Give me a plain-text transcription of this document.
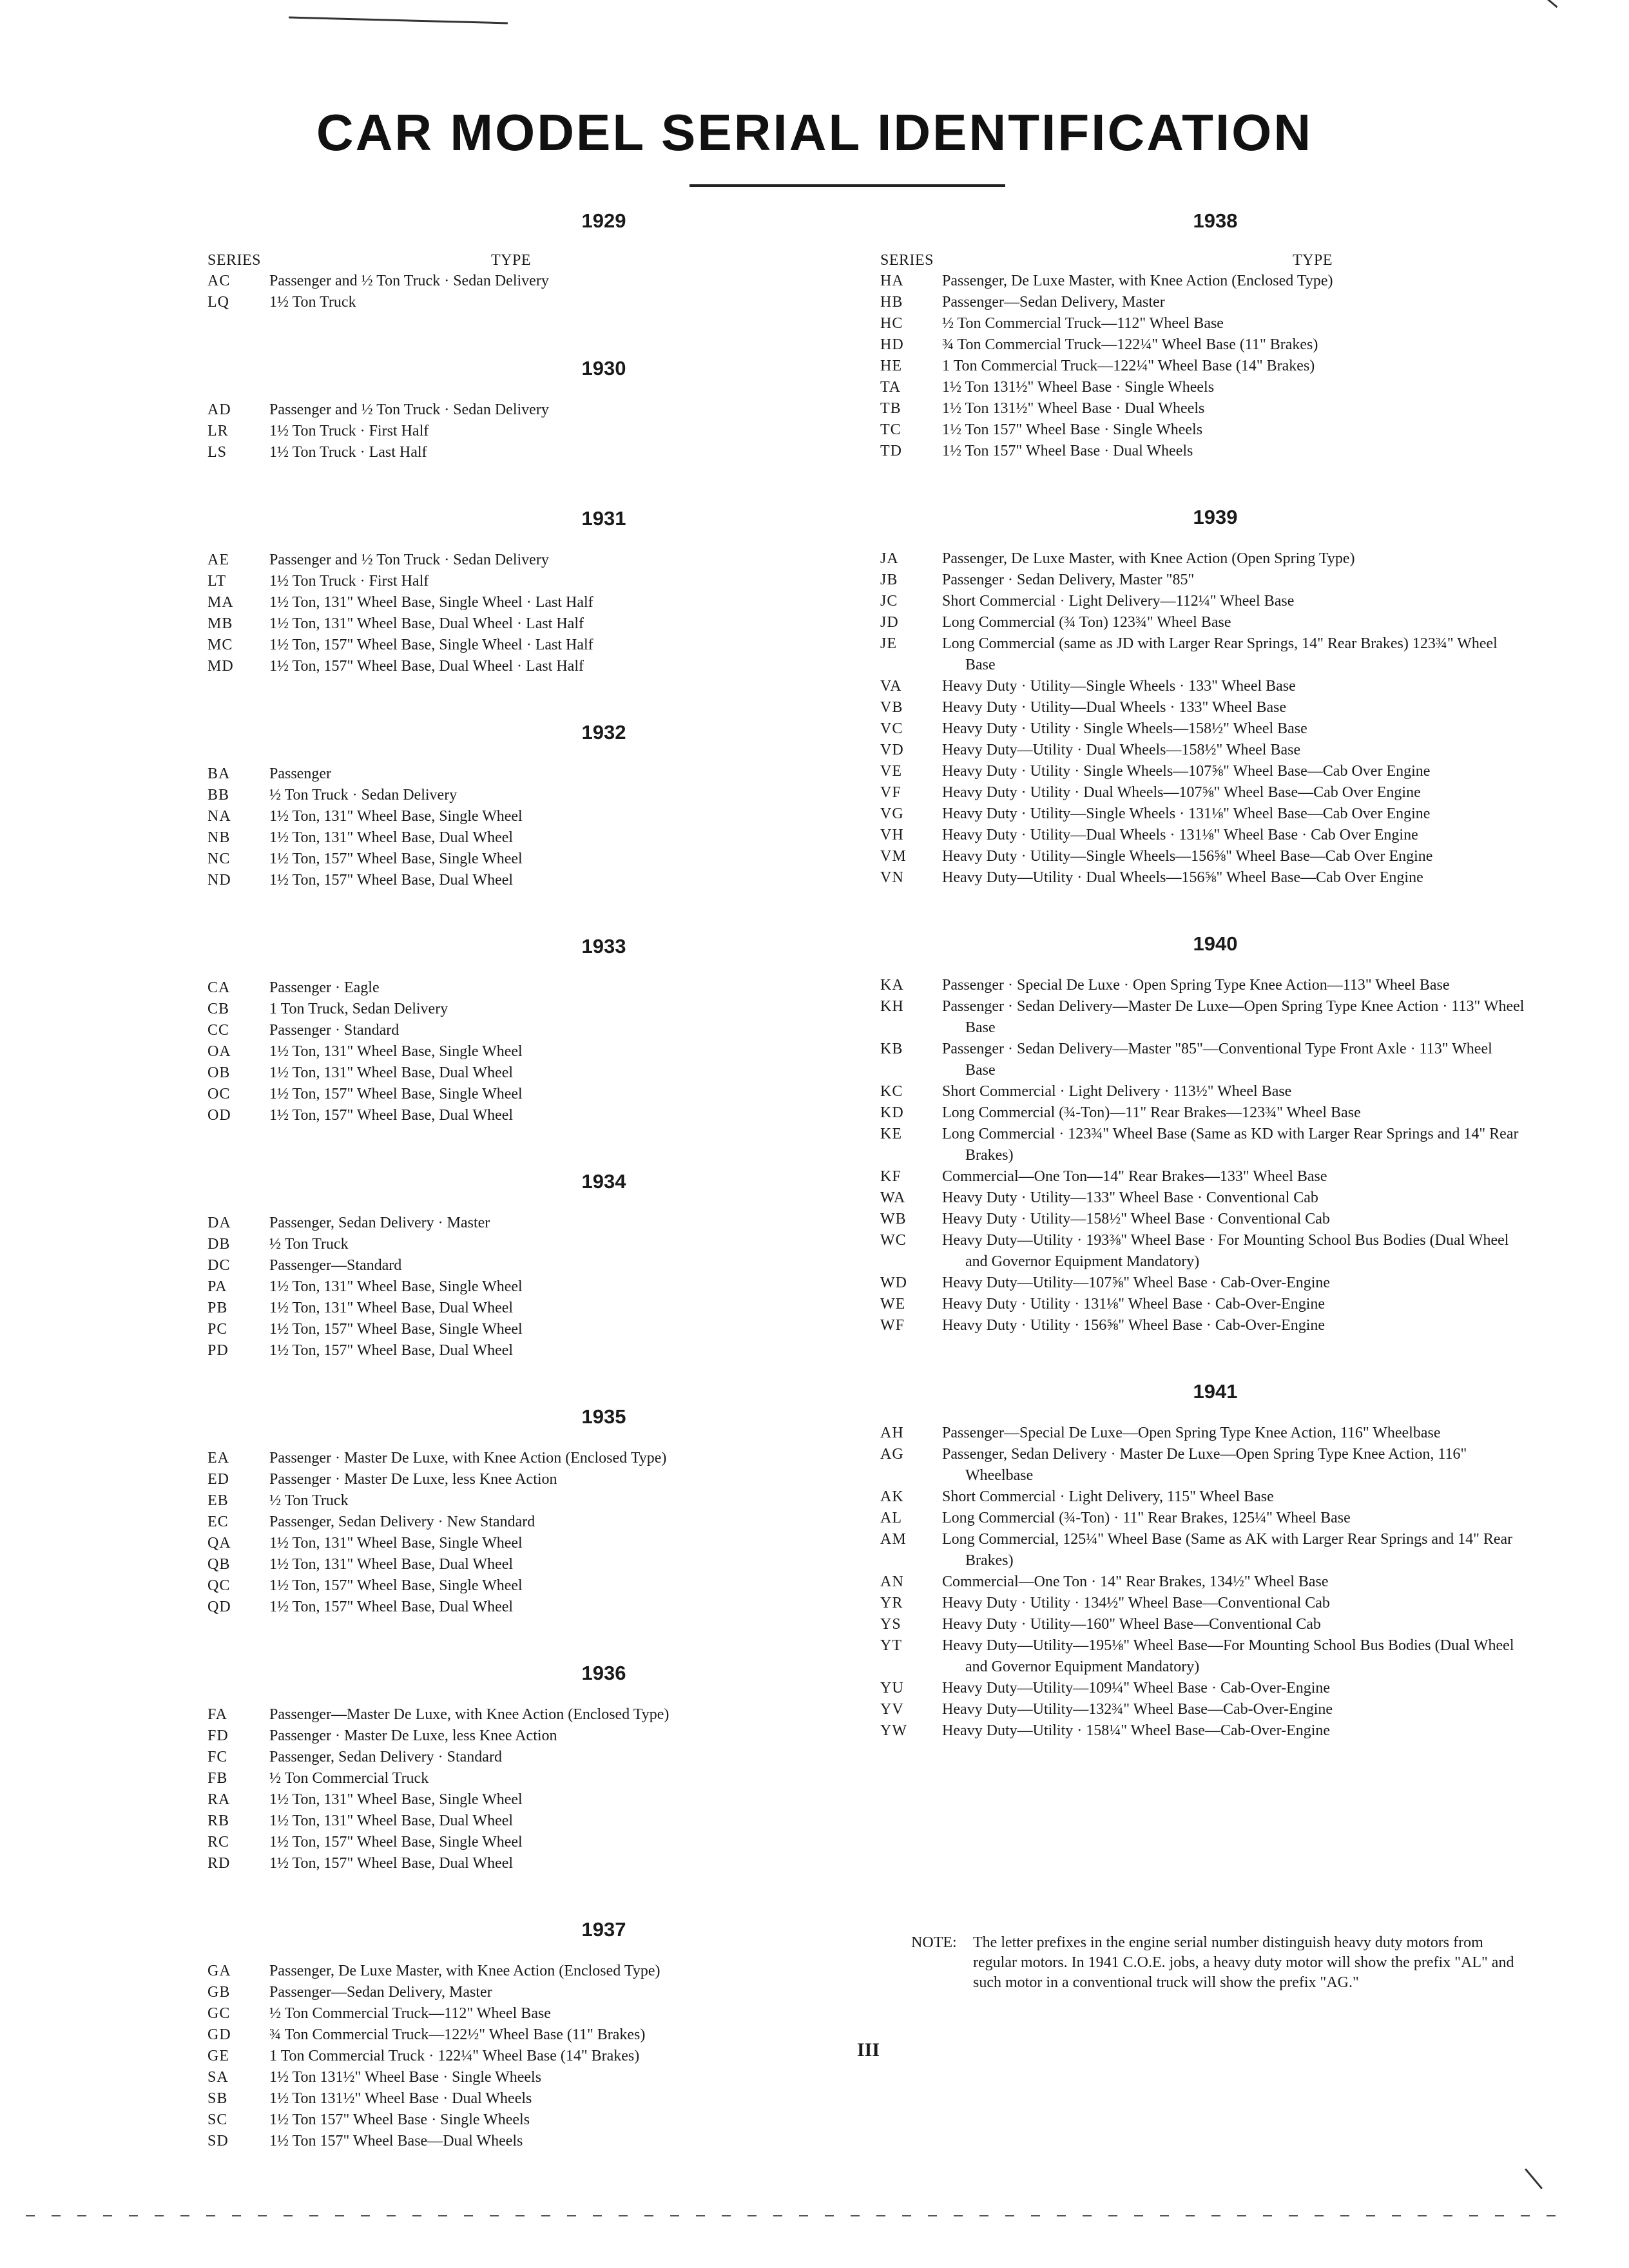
CAR MODEL SERIAL IDENTIFICATION
1929
SERIES	TYPE
AC	Passenger and ½ Ton Truck · Sedan Delivery
LQ	1½ Ton Truck
1930
AD	Passenger and ½ Ton Truck · Sedan Delivery
LR	1½ Ton Truck · First Half
LS	1½ Ton Truck · Last Half
1931
AE	Passenger and ½ Ton Truck · Sedan Delivery
LT	1½ Ton Truck · First Half
MA	1½ Ton, 131" Wheel Base, Single Wheel · Last Half
MB	1½ Ton, 131" Wheel Base, Dual Wheel · Last Half
MC	1½ Ton, 157" Wheel Base, Single Wheel · Last Half
MD	1½ Ton, 157" Wheel Base, Dual Wheel · Last Half
1932
BA	Passenger
BB	½ Ton Truck · Sedan Delivery
NA	1½ Ton, 131" Wheel Base, Single Wheel
NB	1½ Ton, 131" Wheel Base, Dual Wheel
NC	1½ Ton, 157" Wheel Base, Single Wheel
ND	1½ Ton, 157" Wheel Base, Dual Wheel
1933
CA	Passenger · Eagle
CB	1 Ton Truck, Sedan Delivery
CC	Passenger · Standard
OA	1½ Ton, 131" Wheel Base, Single Wheel
OB	1½ Ton, 131" Wheel Base, Dual Wheel
OC	1½ Ton, 157" Wheel Base, Single Wheel
OD	1½ Ton, 157" Wheel Base, Dual Wheel
1934
DA	Passenger, Sedan Delivery · Master
DB	½ Ton Truck
DC	Passenger—Standard
PA	1½ Ton, 131" Wheel Base, Single Wheel
PB	1½ Ton, 131" Wheel Base, Dual Wheel
PC	1½ Ton, 157" Wheel Base, Single Wheel
PD	1½ Ton, 157" Wheel Base, Dual Wheel
1935
EA	Passenger · Master De Luxe, with Knee Action (Enclosed Type)
ED	Passenger · Master De Luxe, less Knee Action
EB	½ Ton Truck
EC	Passenger, Sedan Delivery · New Standard
QA	1½ Ton, 131" Wheel Base, Single Wheel
QB	1½ Ton, 131" Wheel Base, Dual Wheel
QC	1½ Ton, 157" Wheel Base, Single Wheel
QD	1½ Ton, 157" Wheel Base, Dual Wheel
1936
FA	Passenger—Master De Luxe, with Knee Action (Enclosed Type)
FD	Passenger · Master De Luxe, less Knee Action
FC	Passenger, Sedan Delivery · Standard
FB	½ Ton Commercial Truck
RA	1½ Ton, 131" Wheel Base, Single Wheel
RB	1½ Ton, 131" Wheel Base, Dual Wheel
RC	1½ Ton, 157" Wheel Base, Single Wheel
RD	1½ Ton, 157" Wheel Base, Dual Wheel
1937
GA	Passenger, De Luxe Master, with Knee Action (Enclosed Type)
GB	Passenger—Sedan Delivery, Master
GC	½ Ton Commercial Truck—112" Wheel Base
GD	¾ Ton Commercial Truck—122½" Wheel Base (11" Brakes)
GE	1 Ton Commercial Truck · 122¼" Wheel Base (14" Brakes)
SA	1½ Ton 131½" Wheel Base · Single Wheels
SB	1½ Ton 131½" Wheel Base · Dual Wheels
SC	1½ Ton 157" Wheel Base · Single Wheels
SD	1½ Ton 157" Wheel Base—Dual Wheels
1938
SERIES	TYPE
HA	Passenger, De Luxe Master, with Knee Action (Enclosed Type)
HB	Passenger—Sedan Delivery, Master
HC	½ Ton Commercial Truck—112" Wheel Base
HD	¾ Ton Commercial Truck—122¼" Wheel Base (11" Brakes)
HE	1 Ton Commercial Truck—122¼" Wheel Base (14" Brakes)
TA	1½ Ton 131½" Wheel Base · Single Wheels
TB	1½ Ton 131½" Wheel Base · Dual Wheels
TC	1½ Ton 157" Wheel Base · Single Wheels
TD	1½ Ton 157" Wheel Base · Dual Wheels
1939
JA	Passenger, De Luxe Master, with Knee Action (Open Spring Type)
JB	Passenger · Sedan Delivery, Master "85"
JC	Short Commercial · Light Delivery—112¼" Wheel Base
JD	Long Commercial (¾ Ton) 123¾" Wheel Base
JE	Long Commercial (same as JD with Larger Rear Springs, 14" Rear Brakes) 123¾" Wheel Base
VA	Heavy Duty · Utility—Single Wheels · 133" Wheel Base
VB	Heavy Duty · Utility—Dual Wheels · 133" Wheel Base
VC	Heavy Duty · Utility · Single Wheels—158½" Wheel Base
VD	Heavy Duty—Utility · Dual Wheels—158½" Wheel Base
VE	Heavy Duty · Utility · Single Wheels—107⅝" Wheel Base—Cab Over Engine
VF	Heavy Duty · Utility · Dual Wheels—107⅝" Wheel Base—Cab Over Engine
VG	Heavy Duty · Utility—Single Wheels · 131⅛" Wheel Base—Cab Over Engine
VH	Heavy Duty · Utility—Dual Wheels · 131⅛" Wheel Base · Cab Over Engine
VM	Heavy Duty · Utility—Single Wheels—156⅝" Wheel Base—Cab Over Engine
VN	Heavy Duty—Utility · Dual Wheels—156⅝" Wheel Base—Cab Over Engine
1940
KA	Passenger · Special De Luxe · Open Spring Type Knee Action—113" Wheel Base
KH	Passenger · Sedan Delivery—Master De Luxe—Open Spring Type Knee Action · 113" Wheel Base
KB	Passenger · Sedan Delivery—Master "85"—Conventional Type Front Axle · 113" Wheel Base
KC	Short Commercial · Light Delivery · 113½" Wheel Base
KD	Long Commercial (¾-Ton)—11" Rear Brakes—123¾" Wheel Base
KE	Long Commercial · 123¾" Wheel Base (Same as KD with Larger Rear Springs and 14" Rear Brakes)
KF	Commercial—One Ton—14" Rear Brakes—133" Wheel Base
WA	Heavy Duty · Utility—133" Wheel Base · Conventional Cab
WB	Heavy Duty · Utility—158½" Wheel Base · Conventional Cab
WC	Heavy Duty—Utility · 193⅜" Wheel Base · For Mounting School Bus Bodies (Dual Wheel and Governor Equipment Mandatory)
WD	Heavy Duty—Utility—107⅝" Wheel Base · Cab-Over-Engine
WE	Heavy Duty · Utility · 131⅛" Wheel Base · Cab-Over-Engine
WF	Heavy Duty · Utility · 156⅝" Wheel Base · Cab-Over-Engine
1941
AH	Passenger—Special De Luxe—Open Spring Type Knee Action, 116" Wheelbase
AG	Passenger, Sedan Delivery · Master De Luxe—Open Spring Type Knee Action, 116" Wheelbase
AK	Short Commercial · Light Delivery, 115" Wheel Base
AL	Long Commercial (¾-Ton) · 11" Rear Brakes, 125¼" Wheel Base
AM	Long Commercial, 125¼" Wheel Base (Same as AK with Larger Rear Springs and 14" Rear Brakes)
AN	Commercial—One Ton · 14" Rear Brakes, 134½" Wheel Base
YR	Heavy Duty · Utility · 134½" Wheel Base—Conventional Cab
YS	Heavy Duty · Utility—160" Wheel Base—Conventional Cab
YT	Heavy Duty—Utility—195⅛" Wheel Base—For Mounting School Bus Bodies (Dual Wheel and Governor Equipment Mandatory)
YU	Heavy Duty—Utility—109¼" Wheel Base · Cab-Over-Engine
YV	Heavy Duty—Utility—132¾" Wheel Base—Cab-Over-Engine
YW	Heavy Duty—Utility · 158¼" Wheel Base—Cab-Over-Engine
NOTE:	The letter prefixes in the engine serial number distinguish heavy duty motors from regular motors. In 1941 C.O.E. jobs, a heavy duty motor will show the prefix "AL" and such motor in a conventional truck will show the prefix "AG."
III
